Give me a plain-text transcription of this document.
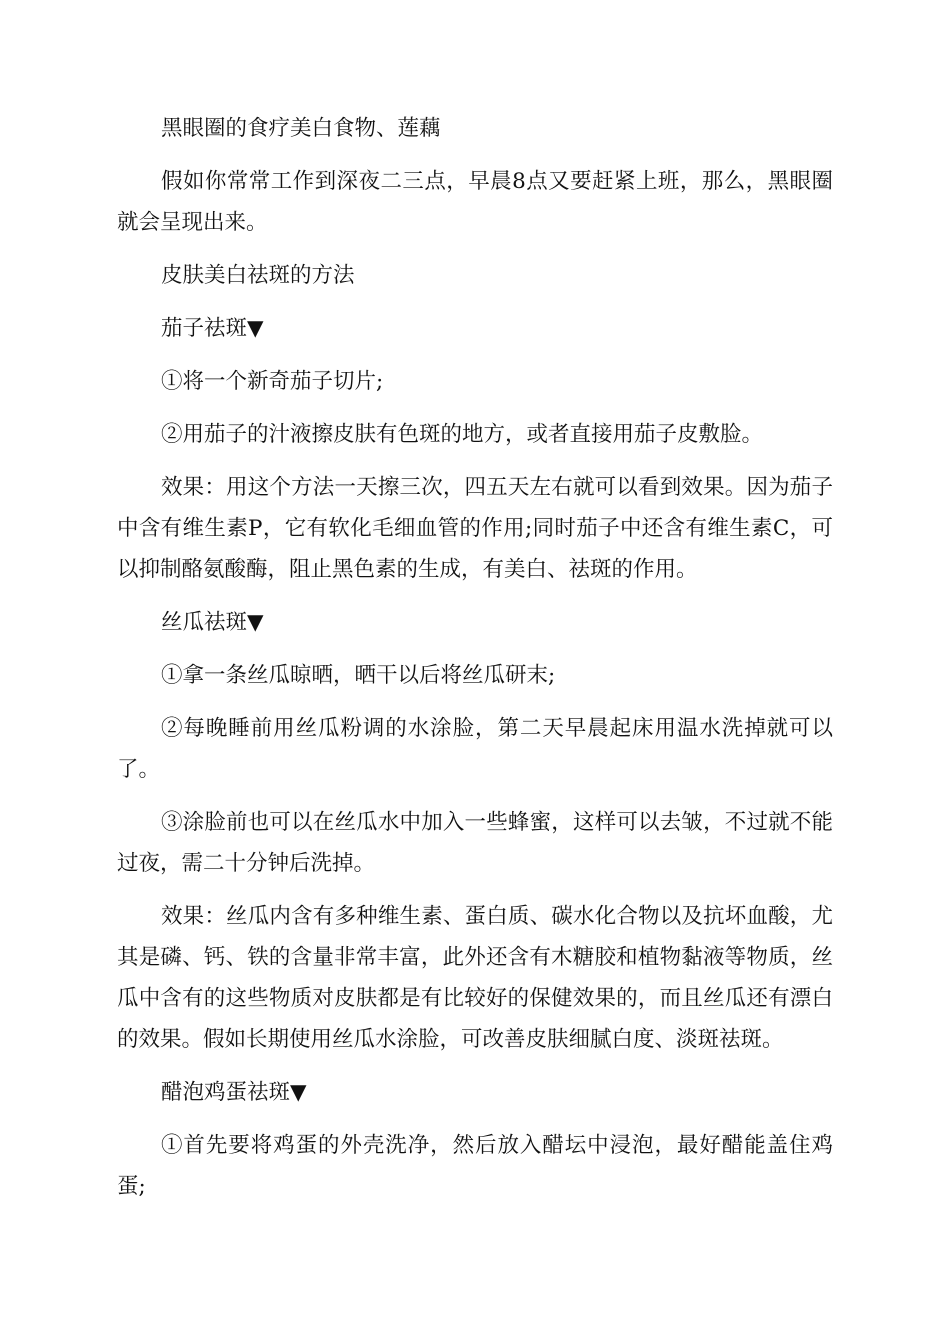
黑眼圈的食疗美白食物、莲藕

假如你常常工作到深夜二三点，早晨8点又要赶紧上班，那么，黑眼圈就会呈现出来。

皮肤美白祛斑的方法

茄子祛斑▼

①将一个新奇茄子切片;

②用茄子的汁液擦皮肤有色斑的地方，或者直接用茄子皮敷脸。

效果：用这个方法一天擦三次，四五天左右就可以看到效果。因为茄子中含有维生素P，它有软化毛细血管的作用;同时茄子中还含有维生素C，可以抑制酪氨酸酶，阻止黑色素的生成，有美白、祛斑的作用。

丝瓜祛斑▼

①拿一条丝瓜晾晒，晒干以后将丝瓜研末;

②每晚睡前用丝瓜粉调的水涂脸，第二天早晨起床用温水洗掉就可以了。

③涂脸前也可以在丝瓜水中加入一些蜂蜜，这样可以去皱，不过就不能过夜，需二十分钟后洗掉。

效果：丝瓜内含有多种维生素、蛋白质、碳水化合物以及抗坏血酸，尤其是磷、钙、铁的含量非常丰富，此外还含有木糖胶和植物黏液等物质，丝瓜中含有的这些物质对皮肤都是有比较好的保健效果的，而且丝瓜还有漂白的效果。假如长期使用丝瓜水涂脸，可改善皮肤细腻白度、淡斑祛斑。

醋泡鸡蛋祛斑▼

①首先要将鸡蛋的外壳洗净，然后放入醋坛中浸泡，最好醋能盖住鸡蛋;
